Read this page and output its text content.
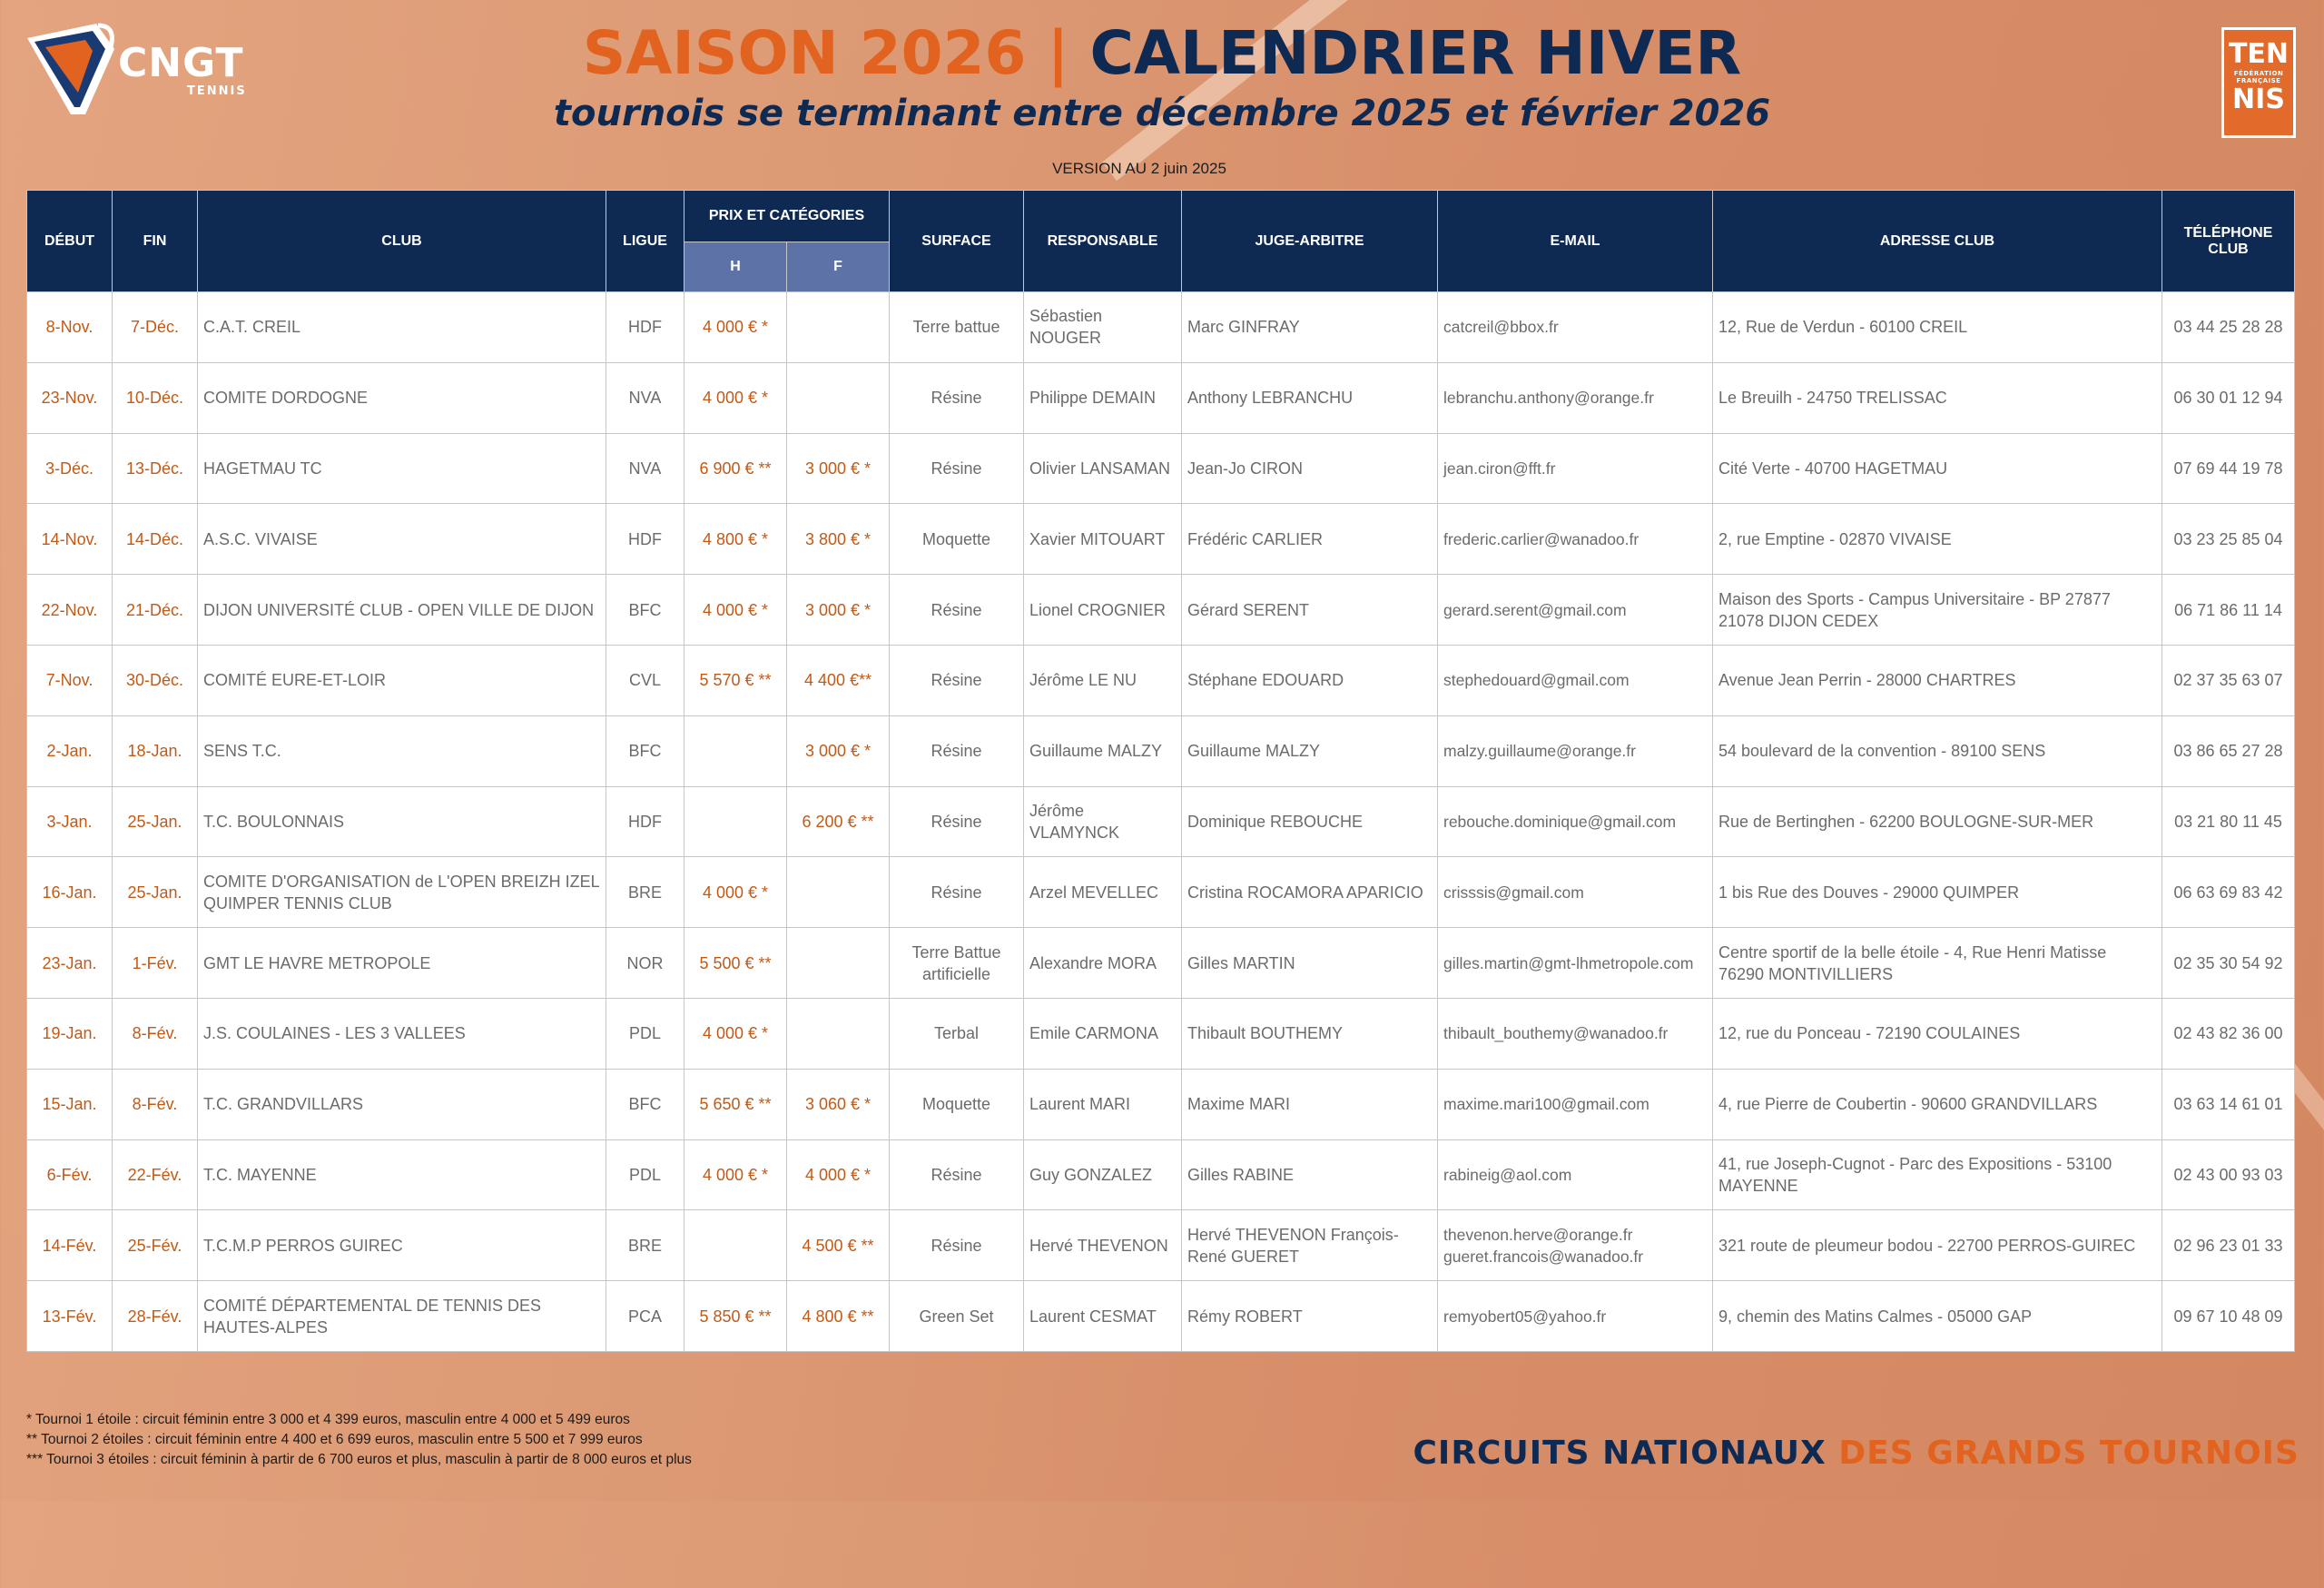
CNGT
TENNIS
TEN
FÉDÉRATION FRANÇAISE
NIS
SAISON 2026 | CALENDRIER HIVER
tournois se terminant entre décembre 2025 et février 2026
VERSION AU 2 juin 2025
DÉBUT	FIN	CLUB	LIGUE	PRIX ET CATÉGORIES		SURFACE	RESPONSABLE	JUGE-ARBITRE	E-MAIL	ADRESSE CLUB	TÉLÉPHONE CLUB
				H	F						
8-Nov.	7-Déc.	C.A.T. CREIL	HDF	4 000 € *		Terre battue	Sébastien NOUGER	Marc GINFRAY	catcreil@bbox.fr	12, Rue de Verdun - 60100 CREIL	03 44 25 28 28
23-Nov.	10-Déc.	COMITE DORDOGNE	NVA	4 000 € *		Résine	Philippe DEMAIN	Anthony LEBRANCHU	lebranchu.anthony@orange.fr	Le Breuilh - 24750 TRELISSAC	06 30 01 12 94
3-Déc.	13-Déc.	HAGETMAU TC	NVA	6 900 € **	3 000 € *	Résine	Olivier LANSAMAN	Jean-Jo CIRON	jean.ciron@fft.fr	Cité Verte - 40700 HAGETMAU	07 69 44 19 78
14-Nov.	14-Déc.	A.S.C. VIVAISE	HDF	4 800 € *	3 800 € *	Moquette	Xavier MITOUART	Frédéric CARLIER	frederic.carlier@wanadoo.fr	2, rue Emptine - 02870 VIVAISE	03 23 25 85 04
22-Nov.	21-Déc.	DIJON UNIVERSITÉ CLUB - OPEN VILLE DE DIJON	BFC	4 000 € *	3 000 € *	Résine	Lionel CROGNIER	Gérard SERENT	gerard.serent@gmail.com	Maison des Sports - Campus Universitaire - BP 27877 21078 DIJON CEDEX	06 71 86 11 14
7-Nov.	30-Déc.	COMITÉ EURE-ET-LOIR	CVL	5 570 € **	4 400 €**	Résine	Jérôme LE NU	Stéphane EDOUARD	stephedouard@gmail.com	Avenue Jean Perrin - 28000 CHARTRES	02 37 35 63 07
2-Jan.	18-Jan.	SENS T.C.	BFC		3 000 € *	Résine	Guillaume MALZY	Guillaume MALZY	malzy.guillaume@orange.fr	54 boulevard de la convention - 89100 SENS	03 86 65 27 28
3-Jan.	25-Jan.	T.C. BOULONNAIS	HDF		6 200 € **	Résine	Jérôme VLAMYNCK	Dominique REBOUCHE	rebouche.dominique@gmail.com	Rue de Bertinghen - 62200 BOULOGNE-SUR-MER	03 21 80 11 45
16-Jan.	25-Jan.	COMITE D'ORGANISATION de L'OPEN BREIZH IZEL QUIMPER TENNIS CLUB	BRE	4 000 € *		Résine	Arzel MEVELLEC	Cristina ROCAMORA APARICIO	crisssis@gmail.com	1 bis Rue des Douves - 29000 QUIMPER	06 63 69 83 42
23-Jan.	1-Fév.	GMT LE HAVRE METROPOLE	NOR	5 500 € **		Terre Battue artificielle	Alexandre MORA	Gilles MARTIN	gilles.martin@gmt-lhmetropole.com	Centre sportif de la belle étoile - 4, Rue Henri Matisse 76290 MONTIVILLIERS	02 35 30 54 92
19-Jan.	8-Fév.	J.S. COULAINES - LES 3 VALLEES	PDL	4 000 € *		Terbal	Emile CARMONA	Thibault BOUTHEMY	thibault_bouthemy@wanadoo.fr	12, rue du Ponceau - 72190 COULAINES	02 43 82 36 00
15-Jan.	8-Fév.	T.C. GRANDVILLARS	BFC	5 650 € **	3 060 € *	Moquette	Laurent MARI	Maxime MARI	maxime.mari100@gmail.com	4, rue Pierre de Coubertin - 90600 GRANDVILLARS	03 63 14 61 01
6-Fév.	22-Fév.	T.C. MAYENNE	PDL	4 000 € *	4 000 € *	Résine	Guy GONZALEZ	Gilles RABINE	rabineig@aol.com	41, rue Joseph-Cugnot - Parc des Expositions - 53100 MAYENNE	02 43 00 93 03
14-Fév.	25-Fév.	T.C.M.P PERROS GUIREC	BRE		4 500 € **	Résine	Hervé THEVENON	Hervé THEVENON François-René GUERET	thevenon.herve@orange.fr gueret.francois@wanadoo.fr	321 route de pleumeur bodou - 22700 PERROS-GUIREC	02 96 23 01 33
13-Fév.	28-Fév.	COMITÉ DÉPARTEMENTAL DE TENNIS DES HAUTES-ALPES	PCA	5 850 € **	4 800 € **	Green Set	Laurent CESMAT	Rémy ROBERT	remyobert05@yahoo.fr	9, chemin des Matins Calmes - 05000 GAP	09 67 10 48 09
* Tournoi 1 étoile : circuit féminin entre 3 000 et 4 399 euros, masculin entre 4 000 et 5 499 euros
** Tournoi 2 étoiles : circuit féminin entre 4 400 et 6 699 euros, masculin entre 5 500 et 7 999 euros
*** Tournoi 3 étoiles : circuit féminin à partir de 6 700 euros et plus, masculin à partir de 8 000 euros et plus	CIRCUITS NATIONAUX DES GRANDS TOURNOIS
